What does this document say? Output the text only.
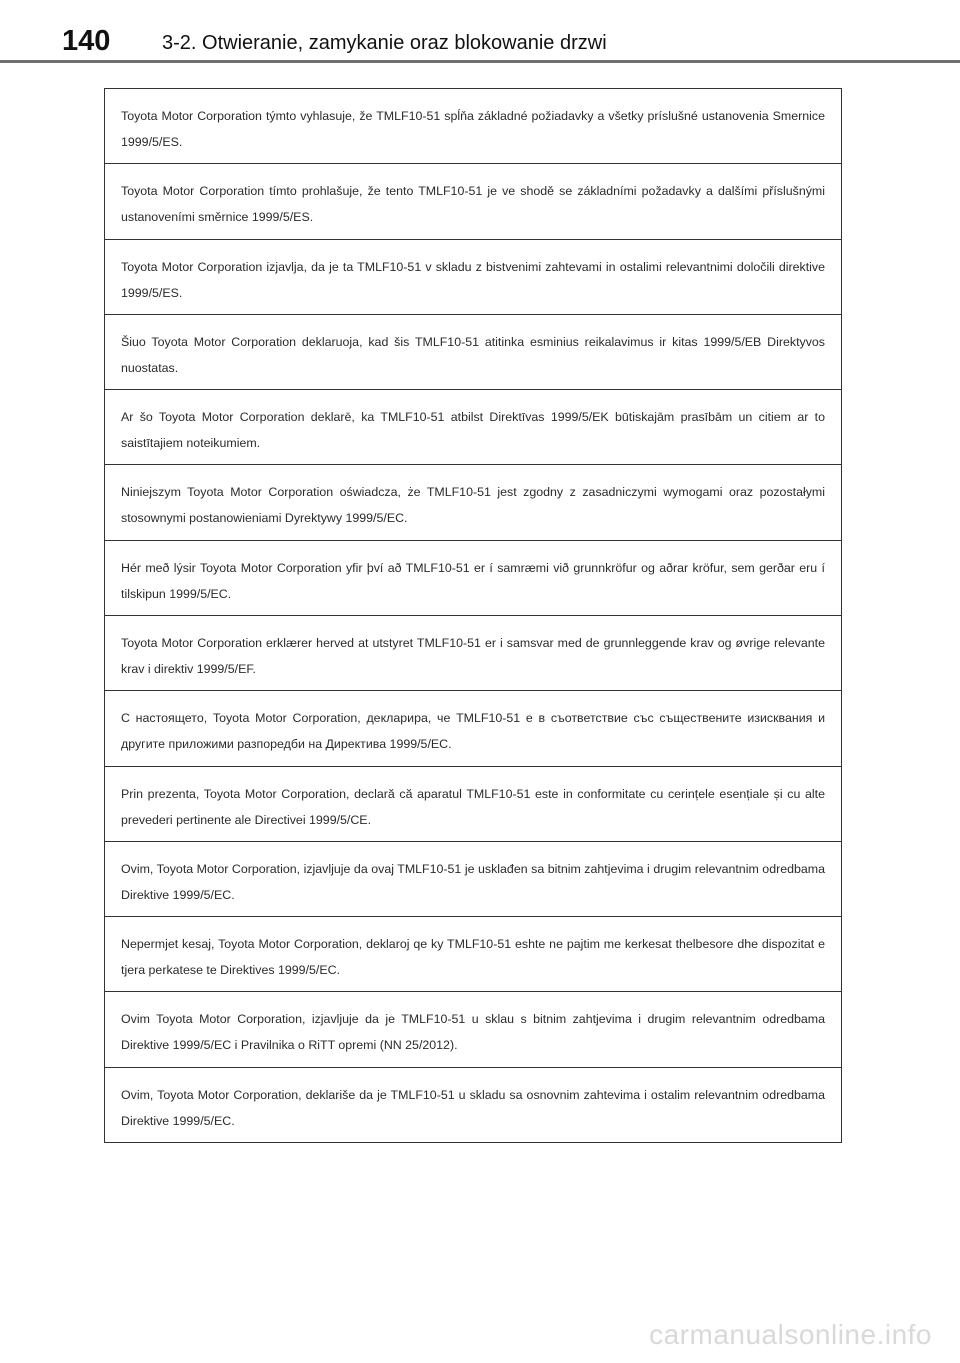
140	3-2. Otwieranie, zamykanie oraz blokowanie drzwi

Toyota Motor Corporation týmto vyhlasuje, že TMLF10-51 spĺňa základné požiadavky a všetky príslušné ustanovenia Smernice 1999/5/ES.

Toyota Motor Corporation tímto prohlašuje, že tento TMLF10-51 je ve shodě se základními požadavky a dalšími příslušnými ustanoveními směrnice 1999/5/ES.

Toyota Motor Corporation izjavlja, da je ta TMLF10-51 v skladu z bistvenimi zahtevami in ostalimi relevantnimi določili direktive 1999/5/ES.

Šiuo Toyota Motor Corporation deklaruoja, kad šis TMLF10-51 atitinka esminius reikalavimus ir kitas 1999/5/EB Direktyvos nuostatas.

Ar šo Toyota Motor Corporation deklarē, ka TMLF10-51 atbilst Direktīvas 1999/5/EK būtiskajām prasībām un citiem ar to saistītajiem noteikumiem.

Niniejszym Toyota Motor Corporation oświadcza, że TMLF10-51 jest zgodny z zasadniczymi wymogami oraz pozostałymi stosownymi postanowieniami Dyrektywy 1999/5/EC.

Hér með lýsir Toyota Motor Corporation yfir því að TMLF10-51 er í samræmi við grunnkröfur og aðrar kröfur, sem gerðar eru í tilskipun 1999/5/EC.

Toyota Motor Corporation erklærer herved at utstyret TMLF10-51 er i samsvar med de grunnleggende krav og øvrige relevante krav i direktiv 1999/5/EF.

С настоящето, Toyota Motor Corporation, декларира, че TMLF10-51 е в съответствие със съществените изисквания и другите приложими разпоредби на Директива 1999/5/ЕС.

Prin prezenta, Toyota Motor Corporation, declară că aparatul TMLF10-51 este in conformitate cu cerințele esențiale și cu alte prevederi pertinente ale Directivei 1999/5/CE.

Ovim, Toyota Motor Corporation, izjavljuje da ovaj TMLF10-51 je usklađen sa bitnim zahtjevima i drugim relevantnim odredbama Direktive 1999/5/EC.

Nepermjet kesaj, Toyota Motor Corporation, deklaroj qe ky TMLF10-51 eshte ne pajtim me kerkesat thelbesore dhe dispozitat e tjera perkatese te Direktives 1999/5/EC.

Ovim Toyota Motor Corporation, izjavljuje da je TMLF10-51 u sklau s bitnim zahtjevima i drugim relevantnim odredbama Direktive 1999/5/EC i Pravilnika o RiTT opremi (NN 25/2012).

Ovim, Toyota Motor Corporation, deklariše da je TMLF10-51 u skladu sa osnovnim zahtevima i ostalim relevantnim odredbama Direktive 1999/5/EC.

carmanualsonline.info
